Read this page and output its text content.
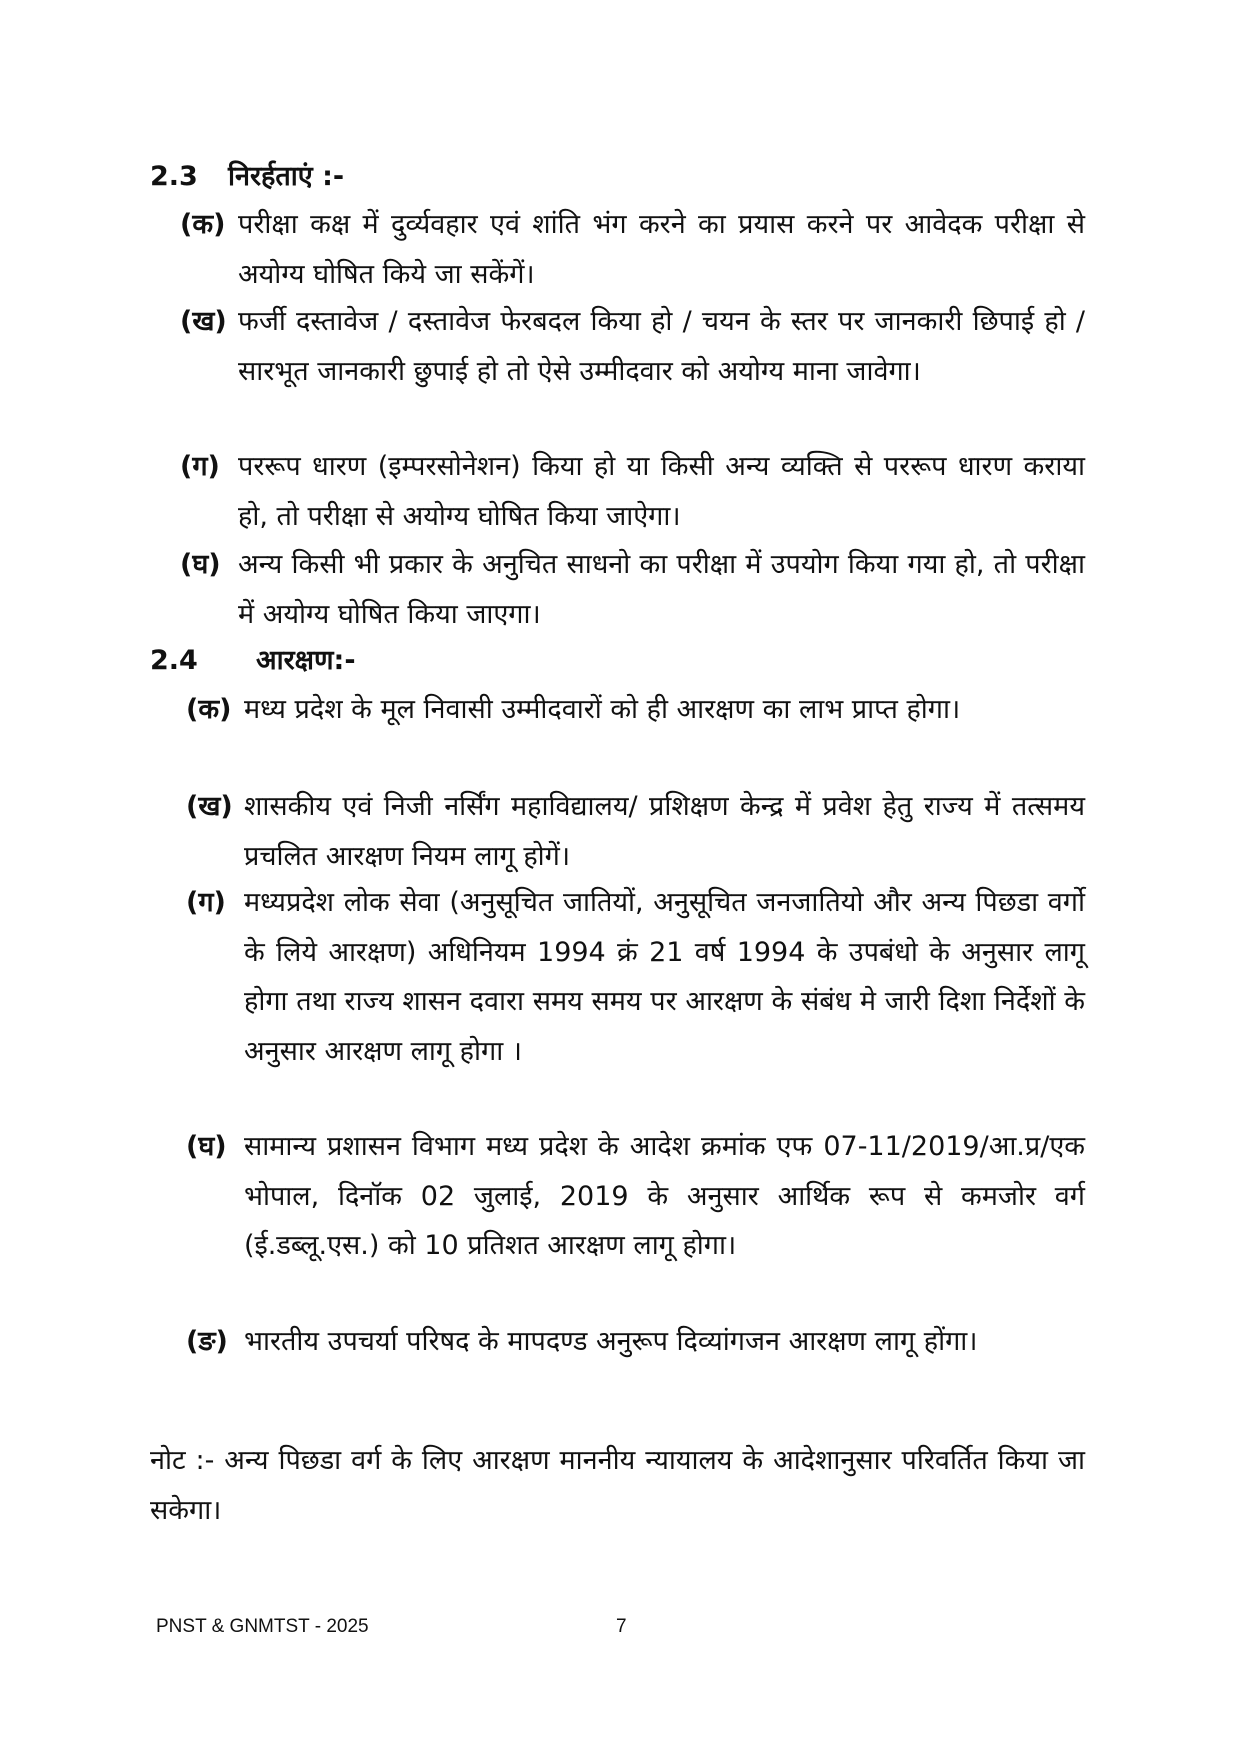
2.3 निरर्हताएं :-
(क) परीक्षा कक्ष में दुर्व्यवहार एवं शांति भंग करने का प्रयास करने पर आवेदक परीक्षा से अयोग्य घोषित किये जा सकेंगें।
(ख) फर्जी दस्तावेज / दस्तावेज फेरबदल किया हो / चयन के स्तर पर जानकारी छिपाई हो / सारभूत जानकारी छुपाई हो तो ऐसे उम्मीदवार को अयोग्य माना जावेगा।
(ग) पररूप धारण (इम्परसोनेशन) किया हो या किसी अन्य व्यक्ति से पररूप धारण कराया हो, तो परीक्षा से अयोग्य घोषित किया जाऐगा।
(घ) अन्य किसी भी प्रकार के अनुचित साधनो का परीक्षा में उपयोग किया गया हो, तो परीक्षा में अयोग्य घोषित किया जाएगा।
2.4 आरक्षण:-
(क) मध्य प्रदेश के मूल निवासी उम्मीदवारों को ही आरक्षण का लाभ प्राप्त होगा।
(ख) शासकीय एवं निजी नर्सिंग महाविद्यालय/ प्रशिक्षण केन्द्र में प्रवेश हेतु राज्य में तत्समय प्रचलित आरक्षण नियम लागू होगें।
(ग) मध्यप्रदेश लोक सेवा (अनुसूचित जातियों, अनुसूचित जनजातियो और अन्य पिछडा वर्गो के लिये आरक्षण) अधिनियम 1994 क्रं 21 वर्ष 1994 के उपबंधो के अनुसार लागू होगा तथा राज्य शासन दवारा समय समय पर आरक्षण के संबंध मे जारी दिशा निर्देशों के अनुसार आरक्षण लागू होगा ।
(घ) सामान्य प्रशासन विभाग मध्य प्रदेश के आदेश क्रमांक एफ 07-11/2019/आ.प्र/एक भोपाल, दिनॉक 02 जुलाई, 2019 के अनुसार आर्थिक रूप से कमजोर वर्ग (ई.डब्लू.एस.) को 10 प्रतिशत आरक्षण लागू होगा।
(ङ) भारतीय उपचर्या परिषद के मापदण्ड अनुरूप दिव्यांगजन आरक्षण लागू होंगा।
नोट :- अन्य पिछडा वर्ग के लिए आरक्षण माननीय न्यायालय के आदेशानुसार परिवर्तित किया जा सकेगा।
PNST & GNMTST - 2025	7
